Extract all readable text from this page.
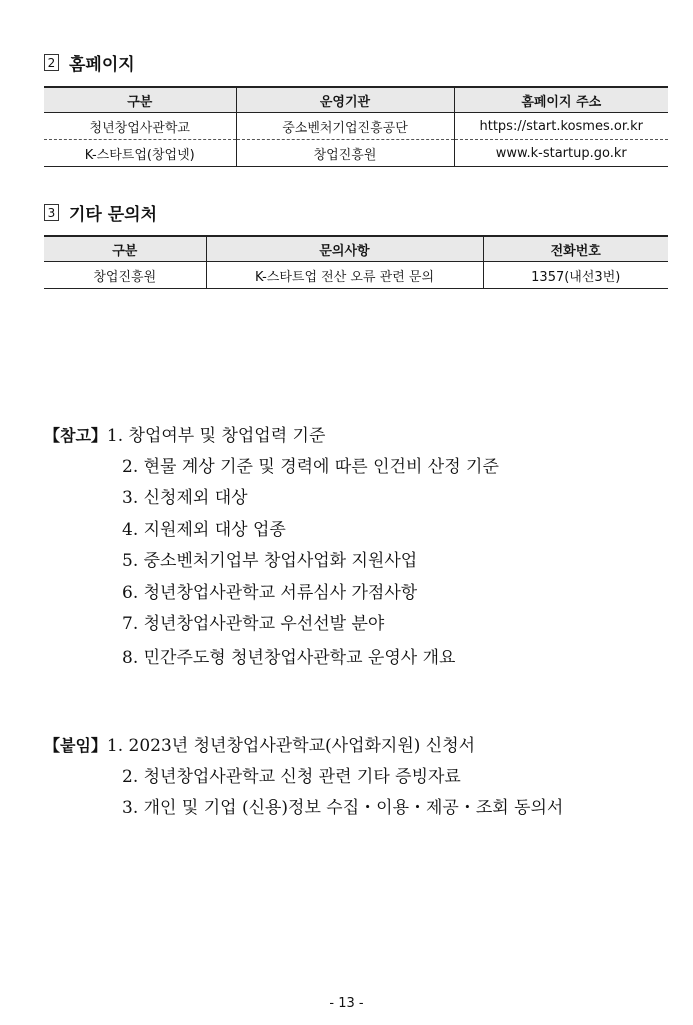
2 홈페이지
구분	운영기관	홈페이지 주소
청년창업사관학교	중소벤처기업진흥공단	https://start.kosmes.or.kr
K-스타트업(창업넷)	창업진흥원	www.k-startup.go.kr
3 기타 문의처
구분	문의사항	전화번호
창업진흥원	K-스타트업 전산 오류 관련 문의	1357(내선3번)
【참고】1. 창업여부 및 창업업력 기준
2. 현물 계상 기준 및 경력에 따른 인건비 산정 기준
3. 신청제외 대상
4. 지원제외 대상 업종
5. 중소벤처기업부 창업사업화 지원사업
6. 청년창업사관학교 서류심사 가점사항
7. 청년창업사관학교 우선선발 분야
8. 민간주도형 청년창업사관학교 운영사 개요
【붙임】1. 2023년 청년창업사관학교(사업화지원) 신청서
2. 청년창업사관학교 신청 관련 기타 증빙자료
3. 개인 및 기업 (신용)정보 수집・이용・제공・조회 동의서
- 13 -
